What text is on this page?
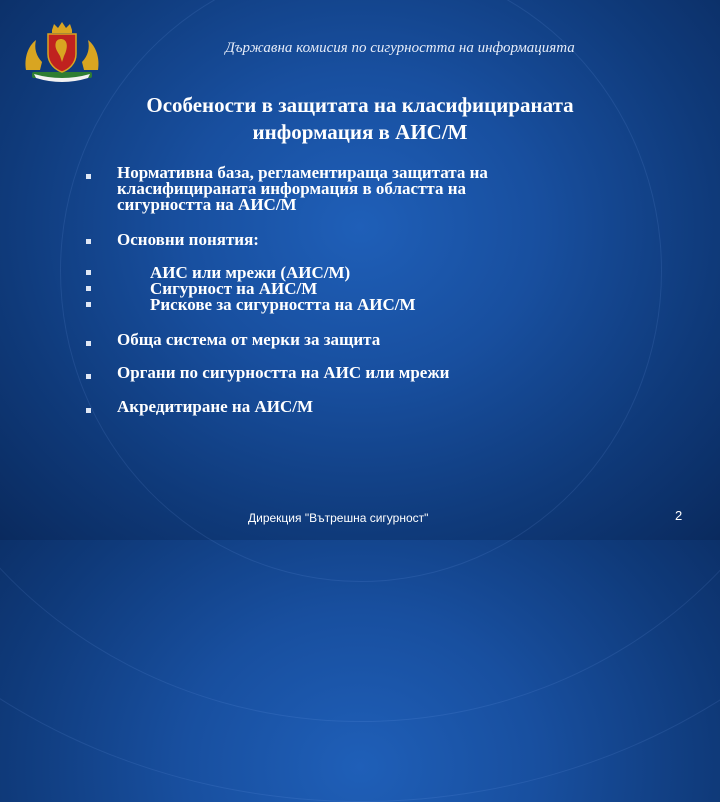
Държавна комисия по сигурността на информацията
Особености в защитата на класифицираната
информация в АИС/М
Нормативна база, регламентираща защитата на
класифицираната информация в областта на
сигурността на АИС/М
Основни понятия:
АИС или мрежи (АИС/М)
Сигурност на АИС/М
Рискове за сигурността на АИС/М
Обща система от мерки за защита
Органи по сигурността на АИС или мрежи
Акредитиране на АИС/М
Дирекция "Вътрешна сигурност"	2
